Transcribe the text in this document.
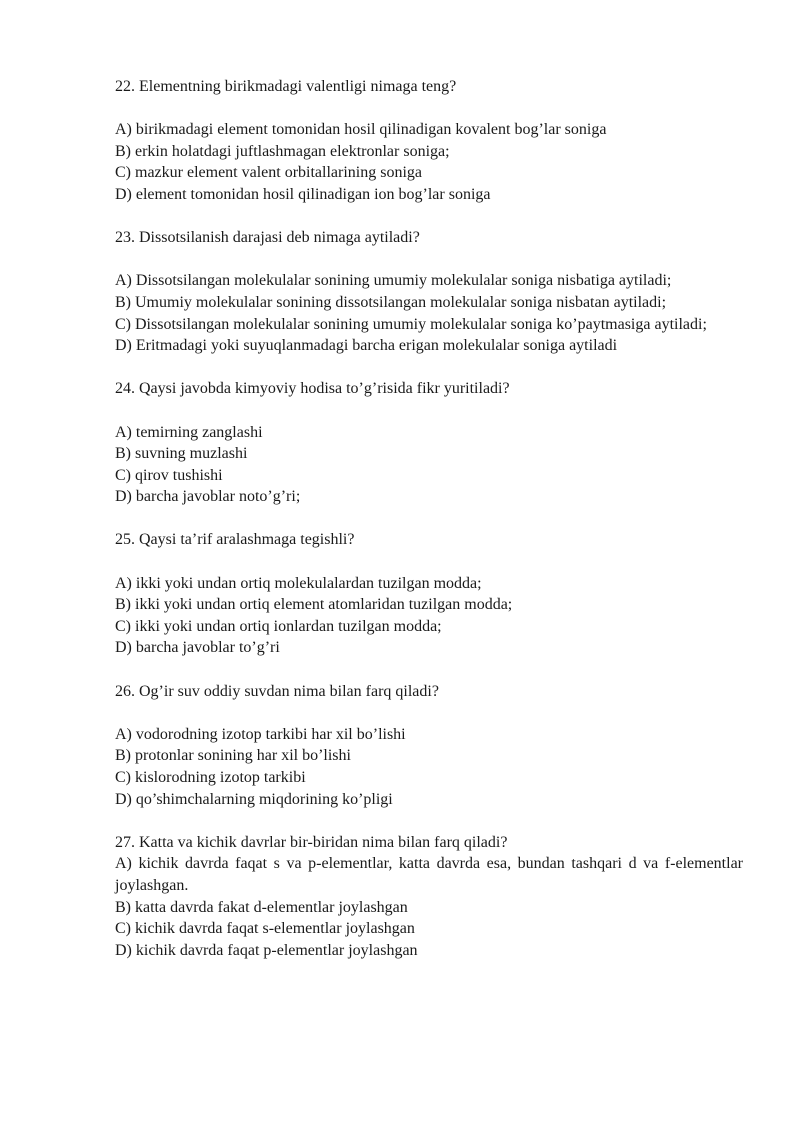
22. Elementning birikmadagi valentligi nimaga teng?

A) birikmadagi element tomonidan hosil qilinadigan kovalent bog’lar soniga

B) erkin holatdagi juftlashmagan elektronlar soniga;

C) mazkur element valent orbitallarining soniga

D) element tomonidan hosil qilinadigan ion bog’lar soniga

23. Dissotsilanish darajasi deb nimaga aytiladi?

A) Dissotsilangan molekulalar sonining umumiy molekulalar soniga nisbatiga aytiladi;

B) Umumiy molekulalar sonining dissotsilangan molekulalar soniga nisbatan aytiladi;

C) Dissotsilangan molekulalar sonining umumiy molekulalar soniga ko’paytmasiga aytiladi;

D) Eritmadagi yoki suyuqlanmadagi barcha erigan molekulalar soniga aytiladi

24. Qaysi javobda kimyoviy hodisa to’g’risida fikr yuritiladi?

A) temirning zanglashi

B) suvning muzlashi

C) qirov tushishi

D) barcha javoblar noto’g’ri;

25. Qaysi ta’rif aralashmaga tegishli?

A) ikki yoki undan ortiq molekulalardan tuzilgan modda;

B) ikki yoki undan ortiq element atomlaridan tuzilgan modda;

C) ikki yoki undan ortiq ionlardan tuzilgan modda;

D) barcha javoblar to’g’ri

26. Og’ir suv oddiy suvdan nima bilan farq qiladi?

A) vodorodning izotop tarkibi har xil bo’lishi

B) protonlar sonining har xil bo’lishi

C) kislorodning izotop tarkibi

D) qo’shimchalarning miqdorining ko’pligi

27. Katta va kichik davrlar bir-biridan nima bilan farq qiladi?

A) kichik davrda faqat s va p-elementlar, katta davrda esa, bundan tashqari d va f-elementlar joylashgan.

B) katta davrda fakat d-elementlar joylashgan

C) kichik davrda faqat s-elementlar joylashgan

D) kichik davrda faqat p-elementlar joylashgan
